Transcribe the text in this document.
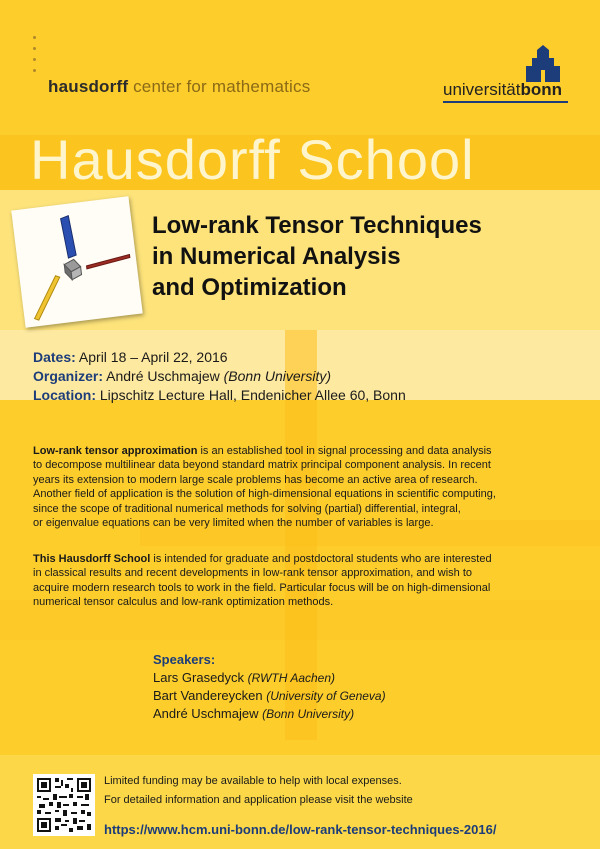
hausdorff center for mathematics	universitätbonn
Hausdorff School
Low-rank Tensor Techniques
in Numerical Analysis
and Optimization
Dates: April 18 – April 22, 2016
Organizer: André Uschmajew (Bonn University)
Location: Lipschitz Lecture Hall, Endenicher Allee 60, Bonn
Low-rank tensor approximation is an established tool in signal processing and data analysis
to decompose multilinear data beyond standard matrix principal component analysis. In recent
years its extension to modern large scale problems has become an active area of research.
Another field of application is the solution of high-dimensional equations in scientific computing,
since the scope of traditional numerical methods for solving (partial) differential, integral,
or eigenvalue equations can be very limited when the number of variables is large.
This Hausdorff School is intended for graduate and postdoctoral students who are interested
in classical results and recent developments in low-rank tensor approximation, and wish to
acquire modern research tools to work in the field. Particular focus will be on high-dimensional
numerical tensor calculus and low-rank optimization methods.
Speakers:
Lars Grasedyck (RWTH Aachen)
Bart Vandereycken (University of Geneva)
André Uschmajew (Bonn University)
Limited funding may be available to help with local expenses.
For detailed information and application please visit the website
https://www.hcm.uni-bonn.de/low-rank-tensor-techniques-2016/
